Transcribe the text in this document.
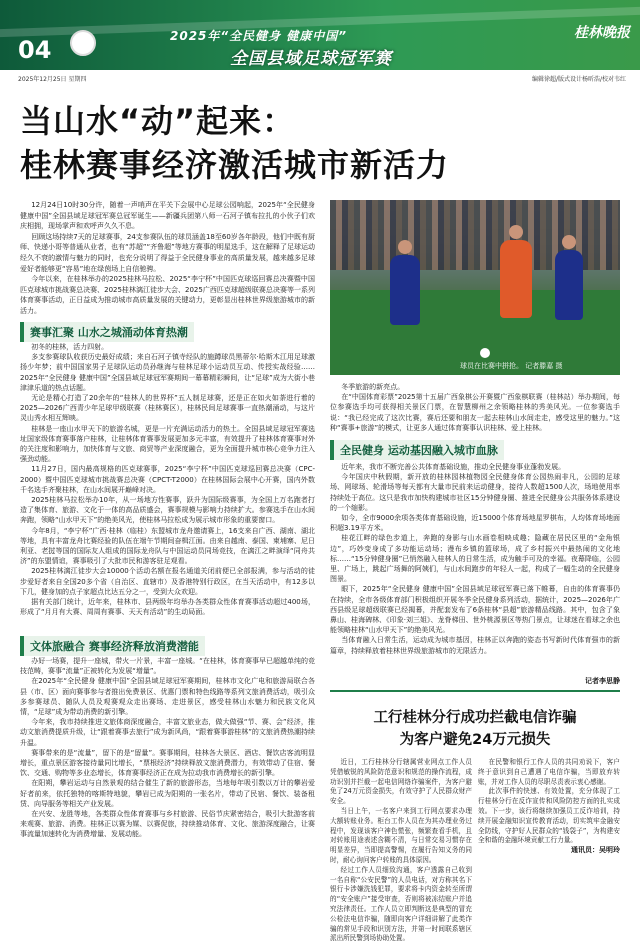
04	2025年“全民健身 健康中国”
全国县域足球冠军赛
桂林晚报
2025年12月25日 星期四	编辑徐超/版式设计杨昕浩/校对韦红
当山水“动”起来：
桂林赛事经济激活城市新活力

12月24日10时30分许，随着一声哨声在平关下会展中心足球公园响起，2025年“全民健身 健康中国”全国县域足球冠军赛总冠军诞生——新疆兵团第八师一石河子镇布拉扎的小伙子们欢庆相拥，现场掌声和欢呼声久久不息。

回顾这场持续7天的足球赛事，24支参赛队伍的球员涵盖18至60岁各年龄段，他们中既有厨师、快递小哥等普通从业者，也有“苏超”“齐鲁超”等地方赛事的明星选手，这在解释了足球运动经久不衰的激情与魅力的同时，也充分说明了得益于全民健身事业的高质量发展，越来越多足球爱好者能够更“容易”地在绿茵场上自信驰骋。

今年以来，在桂林举办的2025桂林马拉松、2025“李宁杯”中国匹克球巡回赛总决赛暨中国匹克球城市挑战赛总决赛、2025桂林漓江徒步大会、2025广西匹克球超级联赛总决赛等一系列体育赛事活动，正日益成为推动城市高质量发展的关键动力，更彰显出桂林世界级旅游城市的新活力。

球员在比赛中拼抢。 记者滕嘉 摄
赛事汇聚 山水之城涌动体育热潮

初冬的桂林，活力四射。

多支参赛球队收获历史最好成绩；来自石河子镇寺经队的施蹲球员黑蒂尔·哈斯木江用足球激扬少年梦；前中国国家男子足球队运动员孙继海与桂林足球小运动员互动、传授实战经验……2025年“全民健身 健康中国”全国县域足球冠军赛期间一幕幕精彩瞬间，让“足球”成为大街小巷津津乐道的热点话题。

无论是精心打造了20余年的“桂林人的世界杯”五人制足球赛，还是正在如火如荼进行着的2025—2026广西青少年足球甲级联赛（桂林赛区），桂林民间足球赛事一直热潮涌动，与这片灵山秀水相互辉映。

桂林是一座山水甲天下的旅游名城，更是一片充满运动活力的热土。全国县域足球冠军赛选址国家级体育赛事落户桂林，让桂林体育赛事发展更加多元丰富，有效提升了桂林体育赛事对外的关注度和影响力，加快体育与文旅、商贸等产业深度融合，更为全面提升城市核心竞争力注入强劲动能。

11月27日，国内最高规格的匹克球赛事，2025“李宁杯”中国匹克球巡回赛总决赛（CPC-2000）暨中国匹克球城市挑战赛总决赛（CPCT-T2000）在桂林国际会展中心开赛，国内外数千名选手齐聚桂林，在山水间展开巅峰对决。

2025桂林马拉松举办10年，从一场地方性赛事，跃升为国际级赛事，为全国上万名跑者打造了集体育、旅游、文化于一体的高品质盛会，赛事规模与影响力持续扩大。参赛选手在山水间奔跑，领略“山水甲天下”的绝美风光，使桂林马拉松成为展示城市形象的重要窗口。

今年8月，“李宁杯”广西·桂林（临桂）东盟城市龙舟邀请赛上，16支来自广西、湖南、湖北等地，具有丰富龙舟比赛经验的队伍在端午节期间奋楫江面。由来自越南、泰国、柬埔寨、尼日利亚、老挝等国的国际友人组成的国际龙舟队与中国运动员同场竞技，在漓江之畔演绎“同舟共济”的东盟情谊，赛事吸引了大批市民和游客驻足观看。

2025桂林漓江徒步大会10000个活动名额在报名通道关闭前便已全部报满，参与活动的徒步爱好者来自全国20多个省（自治区、直辖市）及香港特别行政区，在当天活动中，有12多以下几，健身加的点子家超点比达五分之一，受到大众欢迎。

据有关部门统计，近年来，桂林市、县两级年均举办各类群众性体育赛事活动超过400场，形成了“月月有大赛、周周有赛事、天天有活动”的生动局面。

文体旅融合 赛事经济释放消费潜能

办好一场赛，提升一座城，带火一片景，丰富一座城。“在桂林，体育赛事早已超越单纯的竞技范畴，赛事“流量”正被转化为发展“增量”。

在2025年“全民健身 健康中国”全国县域足球冠军赛期间，桂林市文化广电和旅游局联合各县（市、区）面向赛事参与者推出免费景区、优惠门票和特色线路等系列文旅消费活动，吸引众多参赛球员、随队人员及观赛观众走出赛场、走进景区，感受桂林山水魅力和民族文化风情，“足球”成为带动消费的新引擎。

今年来，我市持续推进文旅体商深度融合，丰富文旅业态，做大做强“节、赛、会”经济，推动文旅消费提质升级，让“跟着赛事去旅行”成为新风尚，“跟着赛事游桂林”的文旅消费热潮持续升温。

赛事带来的是“流量”，留下的是“留量”。赛事期间，桂林各大景区、酒店、餐饮店客流明显增长，重点景区游客接待量同比增长，“票根经济”持续释放文旅消费潜力，有效带动了住宿、餐饮、交通、购物等多业态增长，体育赛事经济正在成为拉动我市消费增长的新引擎。

在阳朔，攀岩运动与自然景观的结合催生了新的旅游形态，当地每年吸引数以万计的攀岩爱好者前来，依托独特的喀斯特地貌，攀岩已成为阳朔的一张名片，带动了民宿、餐饮、装备租赁、向导服务等相关产业发展。

在兴安、龙胜等地，各类群众性体育赛事与乡村旅游、民俗节庆紧密结合，吸引大批游客前来观赛、旅游、消费。桂林正以赛为媒、以赛促旅，持续推动体育、文化、旅游深度融合，让赛事流量加速转化为消费增量、发展动能。

冬季旅游的新亮点。

在“中国体育彩票”2025第十五届广西象棋公开赛暨广西象棋联赛（桂林站）举办期间，每位参赛选手均可获得相关景区门票，在智慧柳州之余领略桂林的秀美风光。一位参赛选手说：“我已经完成了这次比赛，赛后还要和朋友一起去桂林山水间走走，感受这里的魅力。”这种“赛事+旅游”的模式，让更多人通过体育赛事认识桂林、爱上桂林。

全民健身 运动基因融入城市血脉

近年来，我市不断完善公共体育基础设施，推动全民健身事业蓬勃发展。

今年国庆中秋假期，新开放的桂林园林植物园全民健身体育公园热闹非凡，公园的足球场、网球场、轮滑场等每天都有大量市民前来运动健身，接待人数超1500人次，场地使用率持续处于高位。这只是我市加快构建城市社区15分钟健身圈、推进全民健身公共服务体系建设的一个缩影。

如今，全市9000余项各类体育基础设施，近15000个体育场地星罗棋布，人均体育场地面积超3.19平方米。

桂花江畔的绿色步道上，奔跑的身影与山水画卷相映成趣；隐藏在居民区里的“金角银边”，巧妙变身成了多功能运动场；漫布乡镇的篮球场，成了乡村振兴中最热闹的文化地标……“15分钟健身圈”已悄然融入桂林人的日常生活，成为触手可及的幸福。夜幕降临，公园里、广场上，跳起广场舞的阿姨们，与山水间跑步的年轻人一起，构成了一幅生动的全民健身图景。

眼下，2025年“全民健身 健康中国”全国县域足球冠军赛已落下帷幕，自由的体育赛事仍在持续，全市各级体育部门积极组织开展冬季全民健身系列活动，据统计，2025—2026年广西县级足球超级联赛已经揭幕，并配套发布了6条桂林“县超”旅游精品线路。其中，包含了象鼻山、桂海碑林、《印象·刘三姐》、龙脊梯田、世外桃源景区等热门景点，让球迷在看球之余也能领略桂林“山水甲天下”的绝美风光。

当体育融入日常生活，运动成为城市基因，桂林正以奔跑的姿态书写新时代体育强市的新篇章，持续释放着桂林世界级旅游城市的无限活力。

记者李思静
工行桂林分行成功拦截电信诈骗
为客户避免24万元损失

近日，工行桂林分行辖属营业网点工作人员凭借敏锐的风险防范意识和规范的操作流程，成功识别并拦截一起电信网络诈骗案件，为客户避免了24万元资金损失，有效守护了人民群众财产安全。

当日上午，一名客户来到工行网点要求办理大额转账业务。柜台工作人员在为其办理业务过程中，发现该客户神色慌张，频繁查看手机，且对转账用途表述含糊不清，与日常交易习惯存在明显差异，当即提高警惕，在履行告知义务的同时，耐心询问客户转账的具体原因。

经过工作人员细致沟通，客户透露自己收到一名自称“公安民警”的人员电话，对方称其名下银行卡涉嫌洗钱犯罪，要求将卡内资金转至所谓的“安全账户”接受审查，否则将被冻结账户并追究法律责任。工作人员立即判断这是典型的冒充公检法电信诈骗，随即向客户详细讲解了此类诈骗的常见手段和识别方法，并第一时间联系辖区派出所民警到场协助处置。

在民警和银行工作人员的共同劝说下，客户终于意识到自己遭遇了电信诈骗，当即放弃转账，并对工作人员的尽职尽责表示衷心感谢。

此次事件的快速、有效处置，充分体现了工行桂林分行在反诈宣传和风险防控方面的扎实成效。下一步，该行将继续加强员工反诈培训，持续开展金融知识宣传教育活动，切实筑牢金融安全防线，守护好人民群众的“钱袋子”，为构建安全和谐的金融环境贡献工行力量。

通讯员：吴明玲
